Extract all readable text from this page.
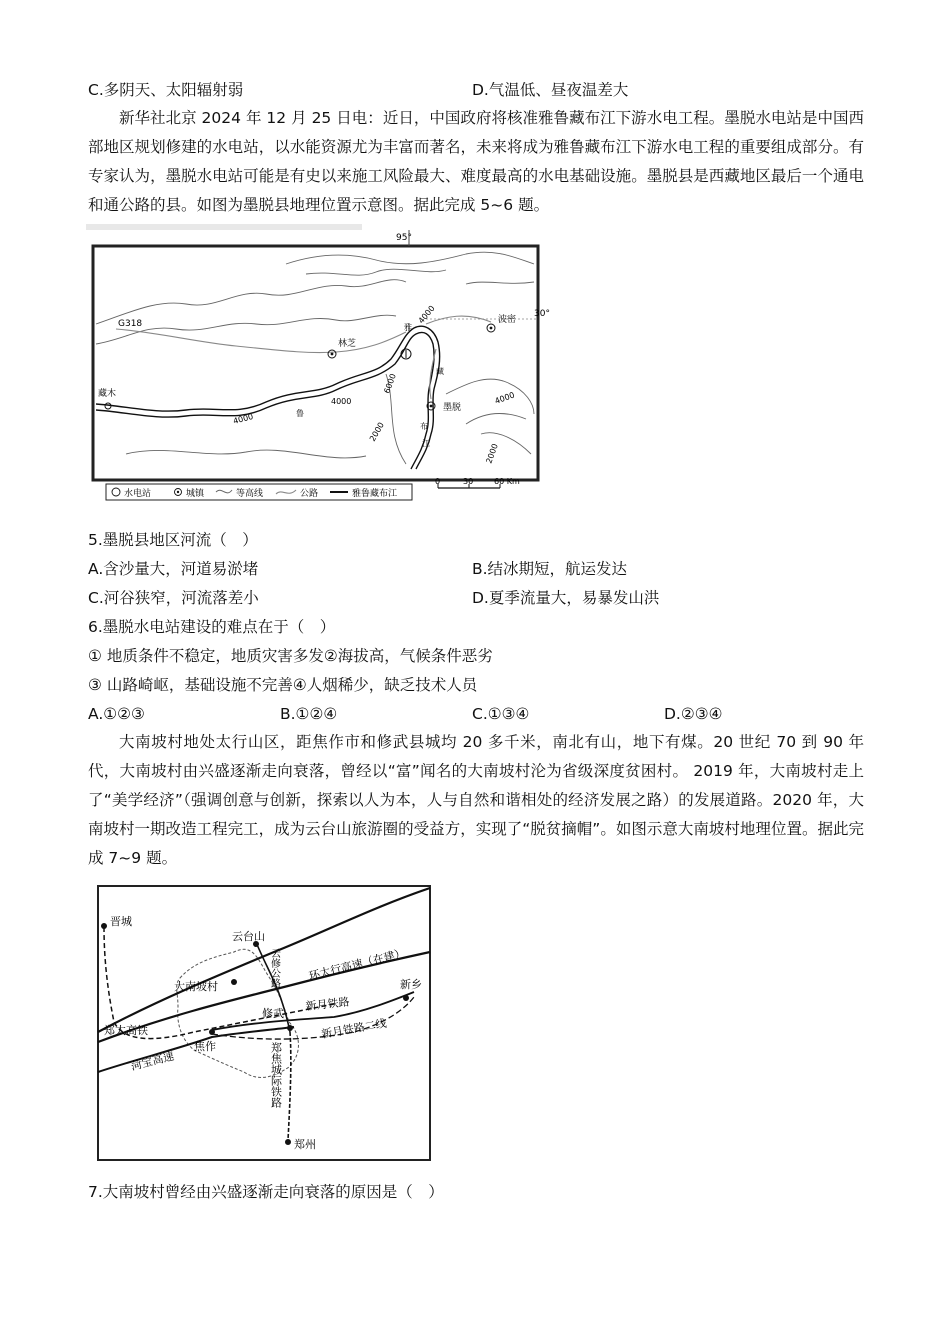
C.多阴天、太阳辐射弱	D.气温低、昼夜温差大
新华社北京 2024 年 12 月 25 日电：近日，中国政府将核准雅鲁藏布江下游水电工程。墨脱水电站是中国西部地区规划修建的水电站，以水能资源尤为丰富而著名，未来将成为雅鲁藏布江下游水电工程的重要组成部分。有专家认为，墨脱水电站可能是有史以来施工风险最大、难度最高的水电基础设施。墨脱县是西藏地区最后一个通电和通公路的县。如图为墨脱县地理位置示意图。据此完成 5~6 题。
95°
30°
G318
藏木
林芝
波密
墨脱
4000
4000
4000
4000
6000
2000
2000
雅
鲁
藏
布
江
水电站	城镇	等高线	公路	雅鲁藏布江
0	30	60 Km
5.墨脱县地区河流（　）
A.含沙量大，河道易淤堵	B.结冰期短，航运发达
C.河谷狭窄，河流落差小	D.夏季流量大，易暴发山洪
6.墨脱水电站建设的难点在于（　）
① 地质条件不稳定，地质灾害多发②海拔高，气候条件恶劣
③ 山路崎岖，基础设施不完善④人烟稀少，缺乏技术人员
A.①②③	B.①②④	C.①③④	D.②③④
大南坡村地处太行山区，距焦作市和修武县城均 20 多千米，南北有山，地下有煤。20 世纪 70 到 90 年代，大南坡村由兴盛逐渐走向衰落，曾经以“富”闻名的大南坡村沦为省级深度贫困村。 2019 年，大南坡村走上了“美学经济”（强调创意与创新，探索以人为本，人与自然和谐相处的经济发展之路）的发展道路。2020 年，大南坡村一期改造工程完工，成为云台山旅游圈的受益方，实现了“脱贫摘帽”。如图示意大南坡村地理位置。据此完成 7~9 题。
晋城
云台山
大南坡村
修武
焦作
新乡
郑州
环太行高速（在建）
新月铁路
新月铁路二线
郑太高铁
菏宝高速
云修公路
郑焦城际铁路
7.大南坡村曾经由兴盛逐渐走向衰落的原因是（　）
